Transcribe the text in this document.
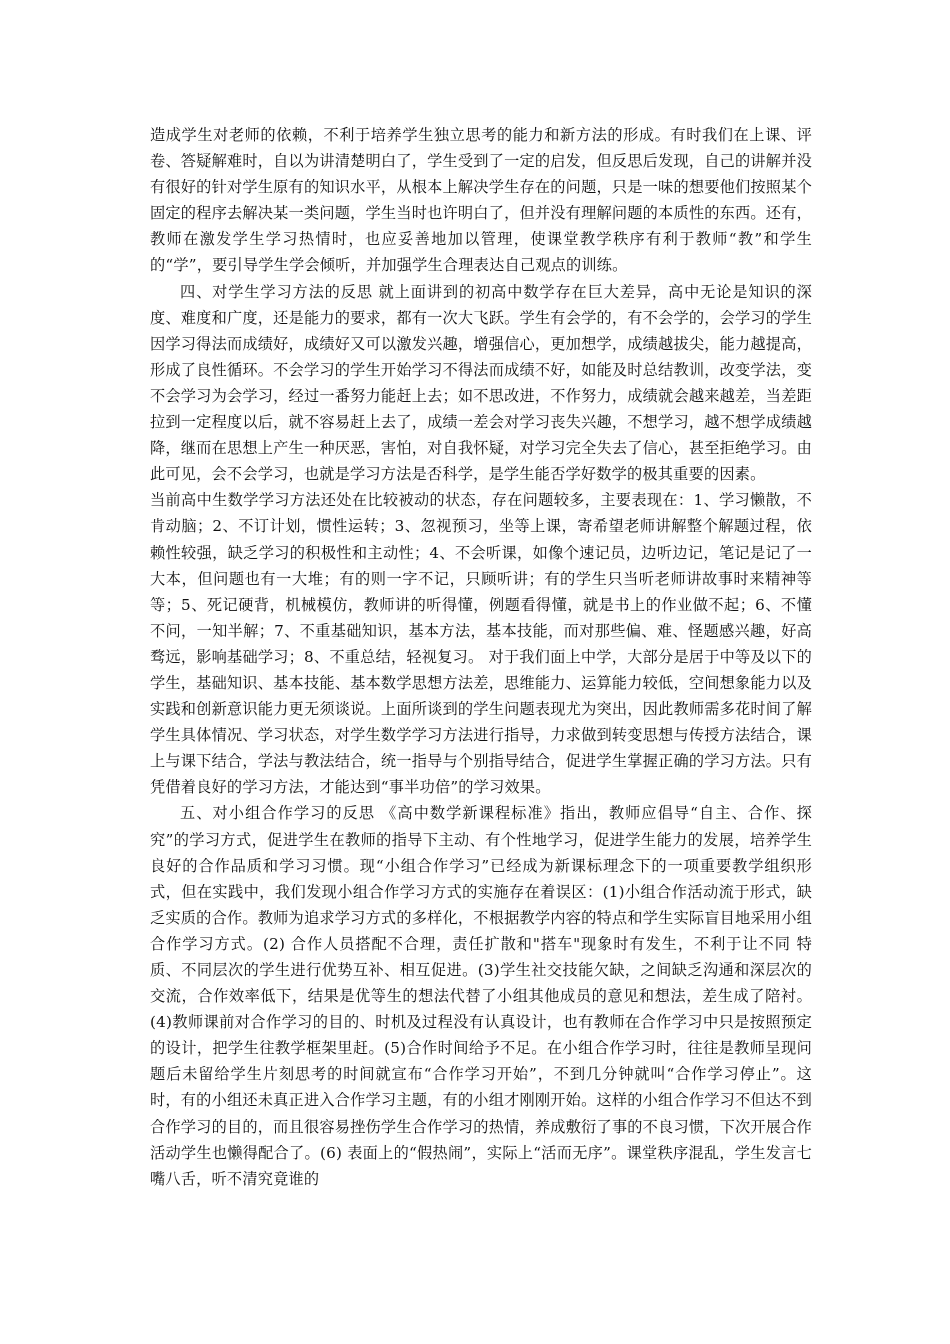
造成学生对老师的依赖，不利于培养学生独立思考的能力和新方法的形成。有时我们在上课、评卷、答疑解难时，自以为讲清楚明白了，学生受到了一定的启发，但反思后发现，自己的讲解并没有很好的针对学生原有的知识水平，从根本上解决学生存在的问题，只是一味的想要他们按照某个固定的程序去解决某一类问题，学生当时也许明白了，但并没有理解问题的本质性的东西。还有，教师在激发学生学习热情时，也应妥善地加以管理，使课堂教学秩序有利于教师“教”和学生的“学”，要引导学生学会倾听，并加强学生合理表达自己观点的训练。

四、对学生学习方法的反思 就上面讲到的初高中数学存在巨大差异，高中无论是知识的深度、难度和广度，还是能力的要求，都有一次大飞跃。学生有会学的，有不会学的，会学习的学生因学习得法而成绩好，成绩好又可以激发兴趣，增强信心，更加想学，成绩越拔尖，能力越提高，形成了良性循环。不会学习的学生开始学习不得法而成绩不好，如能及时总结教训，改变学法，变不会学习为会学习，经过一番努力能赶上去；如不思改进，不作努力，成绩就会越来越差，当差距拉到一定程度以后，就不容易赶上去了，成绩一差会对学习丧失兴趣，不想学习，越不想学成绩越降，继而在思想上产生一种厌恶，害怕，对自我怀疑，对学习完全失去了信心，甚至拒绝学习。由此可见，会不会学习，也就是学习方法是否科学，是学生能否学好数学的极其重要的因素。

当前高中生数学学习方法还处在比较被动的状态，存在问题较多，主要表现在：1、学习懒散，不肯动脑；2、不订计划，惯性运转；3、忽视预习，坐等上课，寄希望老师讲解整个解题过程，依赖性较强，缺乏学习的积极性和主动性；4、不会听课，如像个速记员，边听边记，笔记是记了一大本，但问题也有一大堆；有的则一字不记，只顾听讲；有的学生只当听老师讲故事时来精神等等；5、死记硬背，机械模仿，教师讲的听得懂，例题看得懂，就是书上的作业做不起；6、不懂不问，一知半解；7、不重基础知识，基本方法，基本技能，而对那些偏、难、怪题感兴趣，好高骛远，影响基础学习；8、不重总结，轻视复习。 对于我们面上中学，大部分是居于中等及以下的学生，基础知识、基本技能、基本数学思想方法差，思维能力、运算能力较低，空间想象能力以及实践和创新意识能力更无须谈说。上面所谈到的学生问题表现尤为突出，因此教师需多花时间了解学生具体情况、学习状态，对学生数学学习方法进行指导，力求做到转变思想与传授方法结合，课上与课下结合，学法与教法结合，统一指导与个别指导结合，促进学生掌握正确的学习方法。只有凭借着良好的学习方法，才能达到“事半功倍”的学习效果。

五、对小组合作学习的反思 《高中数学新课程标准》指出，教师应倡导“自主、合作、探究”的学习方式，促进学生在教师的指导下主动、有个性地学习，促进学生能力的发展，培养学生良好的合作品质和学习习惯。现“小组合作学习”已经成为新课标理念下的一项重要教学组织形式，但在实践中，我们发现小组合作学习方式的实施存在着误区：(1)小组合作活动流于形式，缺乏实质的合作。教师为追求学习方式的多样化，不根据教学内容的特点和学生实际盲目地采用小组合作学习方式。(2) 合作人员搭配不合理，责任扩散和"搭车"现象时有发生，不利于让不同 特质、不同层次的学生进行优势互补、相互促进。(3)学生社交技能欠缺，之间缺乏沟通和深层次的交流，合作效率低下，结果是优等生的想法代替了小组其他成员的意见和想法，差生成了陪衬。(4)教师课前对合作学习的目的、时机及过程没有认真设计，也有教师在合作学习中只是按照预定的设计，把学生往教学框架里赶。(5)合作时间给予不足。在小组合作学习时，往往是教师呈现问题后未留给学生片刻思考的时间就宣布“合作学习开始”，不到几分钟就叫“合作学习停止”。这时，有的小组还未真正进入合作学习主题，有的小组才刚刚开始。这样的小组合作学习不但达不到合作学习的目的，而且很容易挫伤学生合作学习的热情，养成敷衍了事的不良习惯，下次开展合作活动学生也懒得配合了。(6) 表面上的“假热闹”，实际上“活而无序”。课堂秩序混乱，学生发言七嘴八舌，听不清究竟谁的
